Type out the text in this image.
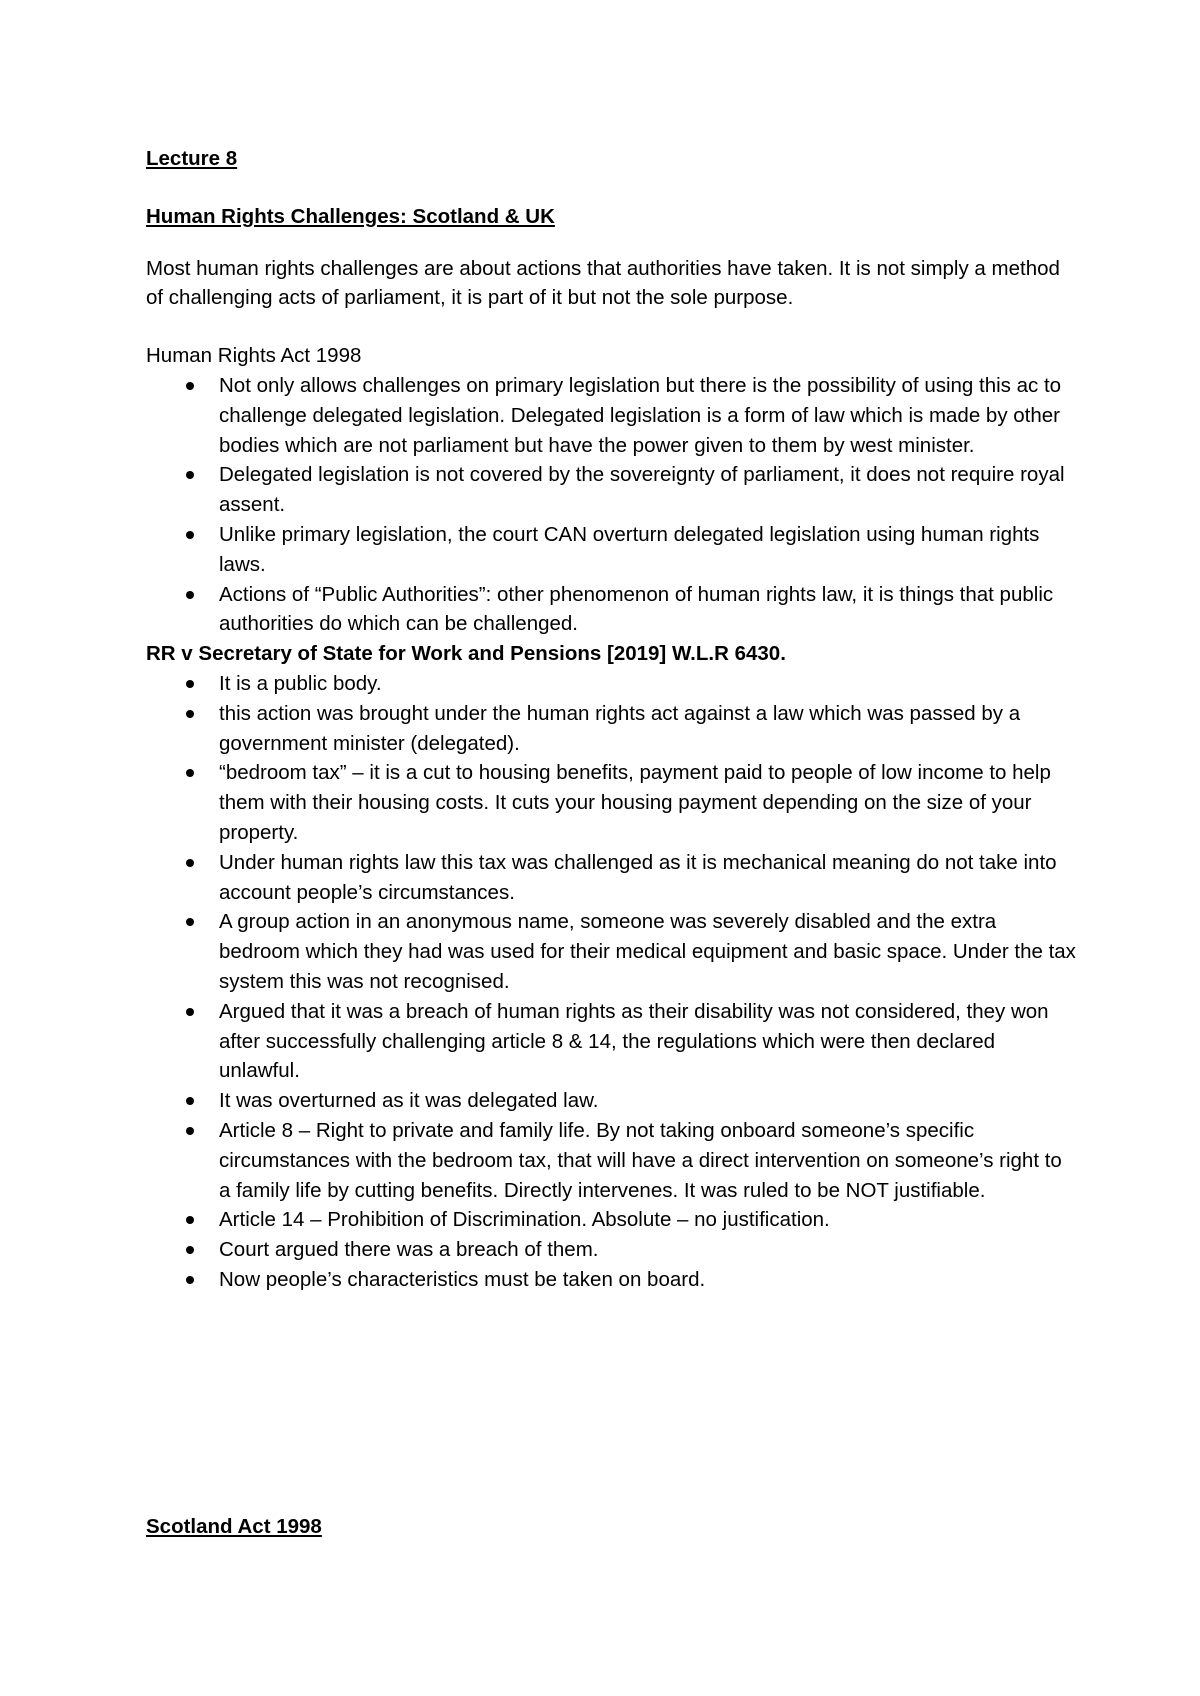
Lecture 8

Human Rights Challenges: Scotland & UK

Most human rights challenges are about actions that authorities have taken. It is not simply a method of challenging acts of parliament, it is part of it but not the sole purpose.

Human Rights Act 1998

Not only allows challenges on primary legislation but there is the possibility of using this ac to challenge delegated legislation. Delegated legislation is a form of law which is made by other bodies which are not parliament but have the power given to them by west minister.
Delegated legislation is not covered by the sovereignty of parliament, it does not require royal assent.
Unlike primary legislation, the court CAN overturn delegated legislation using human rights laws.
Actions of “Public Authorities”: other phenomenon of human rights law, it is things that public authorities do which can be challenged.

RR v Secretary of State for Work and Pensions [2019] W.L.R 6430.

It is a public body.
this action was brought under the human rights act against a law which was passed by a government minister (delegated).
“bedroom tax” – it is a cut to housing benefits, payment paid to people of low income to help them with their housing costs. It cuts your housing payment depending on the size of your property.
Under human rights law this tax was challenged as it is mechanical meaning do not take into account people’s circumstances.
A group action in an anonymous name, someone was severely disabled and the extra bedroom which they had was used for their medical equipment and basic space. Under the tax system this was not recognised.
Argued that it was a breach of human rights as their disability was not considered, they won after successfully challenging article 8 & 14, the regulations which were then declared unlawful.
It was overturned as it was delegated law.
Article 8 – Right to private and family life. By not taking onboard someone’s specific circumstances with the bedroom tax, that will have a direct intervention on someone’s right to a family life by cutting benefits. Directly intervenes. It was ruled to be NOT justifiable.
Article 14 – Prohibition of Discrimination. Absolute – no justification.
Court argued there was a breach of them.
Now people’s characteristics must be taken on board.

Scotland Act 1998
